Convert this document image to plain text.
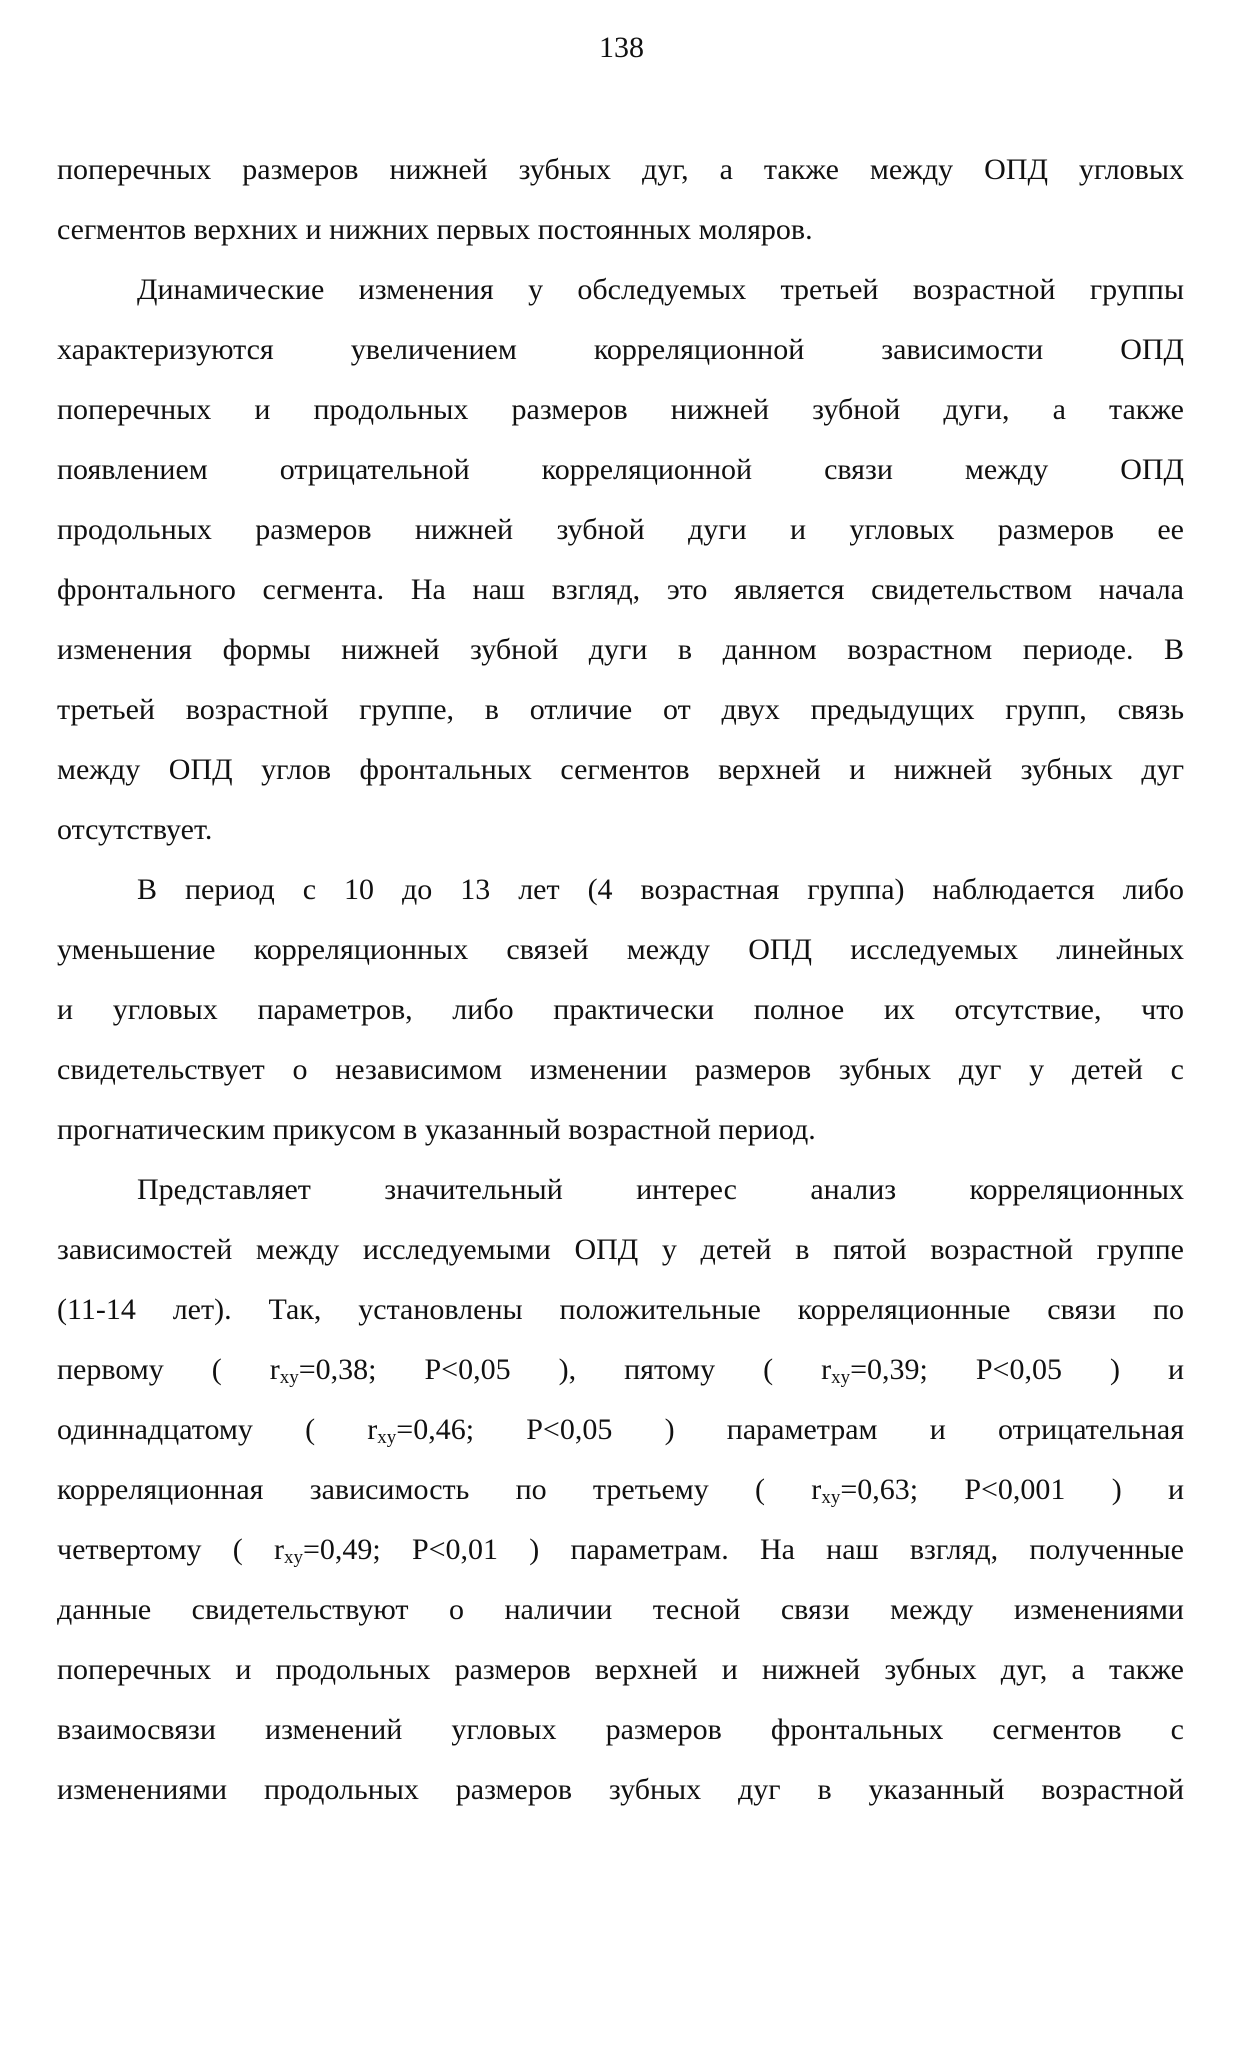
138
поперечных размеров нижней зубных дуг, а также между ОПД угловых
сегментов верхних и нижних первых постоянных моляров.
Динамические изменения у обследуемых третьей возрастной группы
характеризуются увеличением корреляционной зависимости ОПД
поперечных и продольных размеров нижней зубной дуги, а также
появлением отрицательной корреляционной связи между ОПД
продольных размеров нижней зубной дуги и угловых размеров ее
фронтального сегмента. На наш взгляд, это является свидетельством начала
изменения формы нижней зубной дуги в данном возрастном периоде. В
третьей возрастной группе, в отличие от двух предыдущих групп, связь
между ОПД углов фронтальных сегментов верхней и нижней зубных дуг
отсутствует.
В период с 10 до 13 лет (4 возрастная группа) наблюдается либо
уменьшение корреляционных связей между ОПД исследуемых линейных
и угловых параметров, либо практически полное их отсутствие, что
свидетельствует о независимом изменении размеров зубных дуг у детей с
прогнатическим прикусом в указанный возрастной период.
Представляет значительный интерес анализ корреляционных
зависимостей между исследуемыми ОПД у детей в пятой возрастной группе
(11-14 лет). Так, установлены положительные корреляционные связи по
первому ( $r_{xy}=0,38$; P<0,05 ), пятому ( $r_{xy}=0,39$; P<0,05 ) и
одиннадцатому ( $r_{xy}=0,46$; P<0,05 ) параметрам и отрицательная
корреляционная зависимость по третьему ( $r_{xy}=0,63$; P<0,001 ) и
четвертому ( $r_{xy}=0,49$; P<0,01 ) параметрам. На наш взгляд, полученные
данные свидетельствуют о наличии тесной связи между изменениями
поперечных и продольных размеров верхней и нижней зубных дуг, а также
взаимосвязи изменений угловых размеров фронтальных сегментов с
изменениями продольных размеров зубных дуг в указанный возрастной
